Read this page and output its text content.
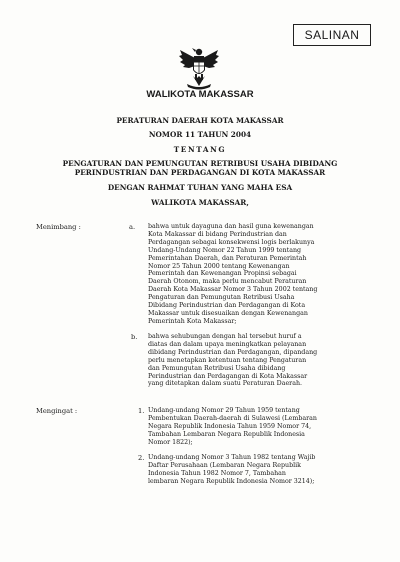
SALINAN
WALIKOTA MAKASSAR
PERATURAN DAERAH KOTA MAKASSAR
NOMOR 11 TAHUN 2004
TENTANG
PENGATURAN DAN PEMUNGUTAN RETRIBUSI USAHA DIBIDANG
PERINDUSTRIAN DAN PERDAGANGAN DI KOTA MAKASSAR
DENGAN RAHMAT TUHAN YANG MAHA ESA
WALIKOTA MAKASSAR,
Menimbang :	a. bahwa untuk dayaguna dan hasil guna kewenangan
Kota Makassar di bidang Perindustrian dan
Perdagangan sebagai konsekwensi logis berlakunya
Undang-Undang Nomor 22 Tahun 1999 tentang
Pemerintahan Daerah, dan Peraturan Pemerintah
Nomor 25 Tahun 2000 tentang Kewenangan
Pemerintah dan Kewenangan Propinsi sebagai
Daerah Otonom, maka perlu mencabut Peraturan
Daerah Kota Makassar Nomor 3 Tahun 2002 tentang
Pengaturan dan Pemungutan Retribusi Usaha
Dibidang Perindustrian dan Perdagangan di Kota
Makassar untuk disesuaikan dengan Kewenangan
Pemerintah Kota Makassar;
b. bahwa sehubungan dengan hal tersebut huruf a
diatas dan dalam upaya meningkatkan pelayanan
dibidang Perindustrian dan Perdagangan, dipandang
perlu menetapkan ketentuan tentang Pengaturan
dan Pemungutan Retribusi Usaha dibidang
Perindustrian dan Perdagangan di Kota Makassar
yang ditetapkan dalam suatu Peraturan Daerah.
Mengingat :	1. Undang-undang Nomor 29 Tahun 1959 tentang
Pembentukan Daerah-daerah di Sulawesi (Lembaran
Negara Republik Indonesia Tahun 1959 Nomor 74,
Tambahan Lembaran Negara Republik Indonesia
Nomor 1822);
2. Undang-undang Nomor 3 Tahun 1982 tentang Wajib
Daftar Perusahaan (Lembaran Negara Republik
Indonesia Tahun 1982 Nomor 7, Tambahan
lembaran Negara Republik Indonesia Nomor 3214);
